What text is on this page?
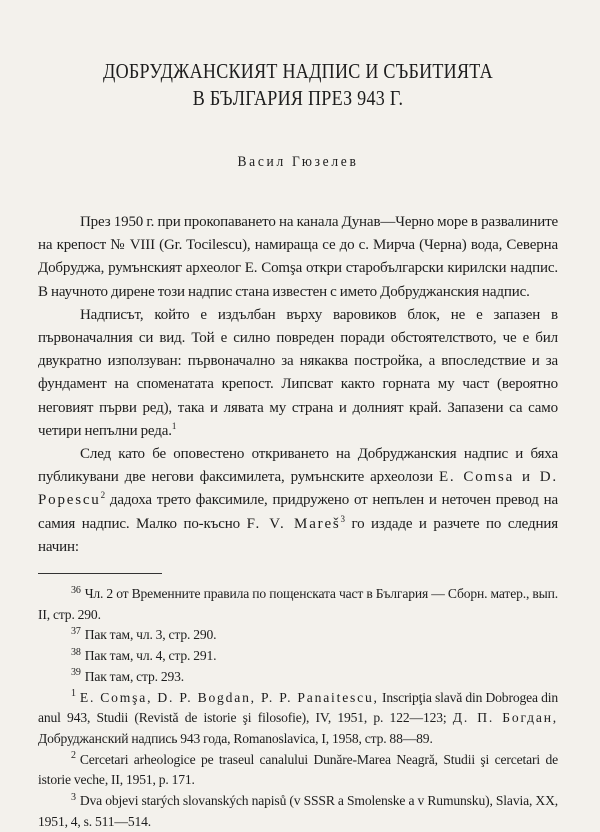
ДОБРУДЖАНСКИЯТ НАДПИС И СЪБИТИЯТА
В БЪЛГАРИЯ ПРЕЗ 943 Г.
Васил Гюзелев

През 1950 г. при прокопаването на канала Дунав—Черно море в развалините на крепост № VIII (Gr. Tocilescu), намираща се до с. Мирча (Черна) вода, Северна Добруджа, румънският археолог Е. Comşa откри старобългарски кирилски надпис. В научното дирене този надпис стана известен с името Добруджанския надпис.

Надписът, който е издълбан върху варовиков блок, не е запазен в първоначалния си вид. Той е силно повреден поради обстоятелството, че е бил двукратно използуван: първоначално за някаква постройка, а впоследствие и за фундамент на споменатата крепост. Липсват както горната му част (вероятно неговият първи ред), така и лявата му страна и долният край. Запазени са само четири непълни реда.$^1$

След като бе оповестено откриването на Добруджанския надпис и бяха публикувани две негови факсимилета, румънските археолози Е. Comsa и D. Popescu$^2$ дадоха трето факсимиле, придружено от непълен и неточен превод на самия надпис. Малко по-късно F. V. Mareš$^3$ го издаде и разчете по следния начин:

$^{36}$ Чл. 2 от Временните правила по пощенската част в България — Сборн. матер., вып. II, стр. 290.

$^{37}$ Пак там, чл. 3, стр. 290.

$^{38}$ Пак там, чл. 4, стр. 291.

$^{39}$ Пак там, стр. 293.

$^1$ E. Comşa, D. P. Bogdan, P. P. Panaitescu, Inscripţia slavă din Dobrogea din anul 943, Studii (Revistă de istorie şi filosofie), IV, 1951, p. 122—123; Д. П. Богдан, Добруджанский надпись 943 года, Romanoslavica, I, 1958, стр. 88—89.

$^2$ Cercetari arheologice pe traseul canalului Dunăre-Marea Neagră, Studii şi cercetari de istorie veche, II, 1951, p. 171.

$^3$ Dva objevi starých slovanských napisů (v SSSR a Smolenske a v Rumunsku), Slavia, XX, 1951, 4, s. 511—514.
